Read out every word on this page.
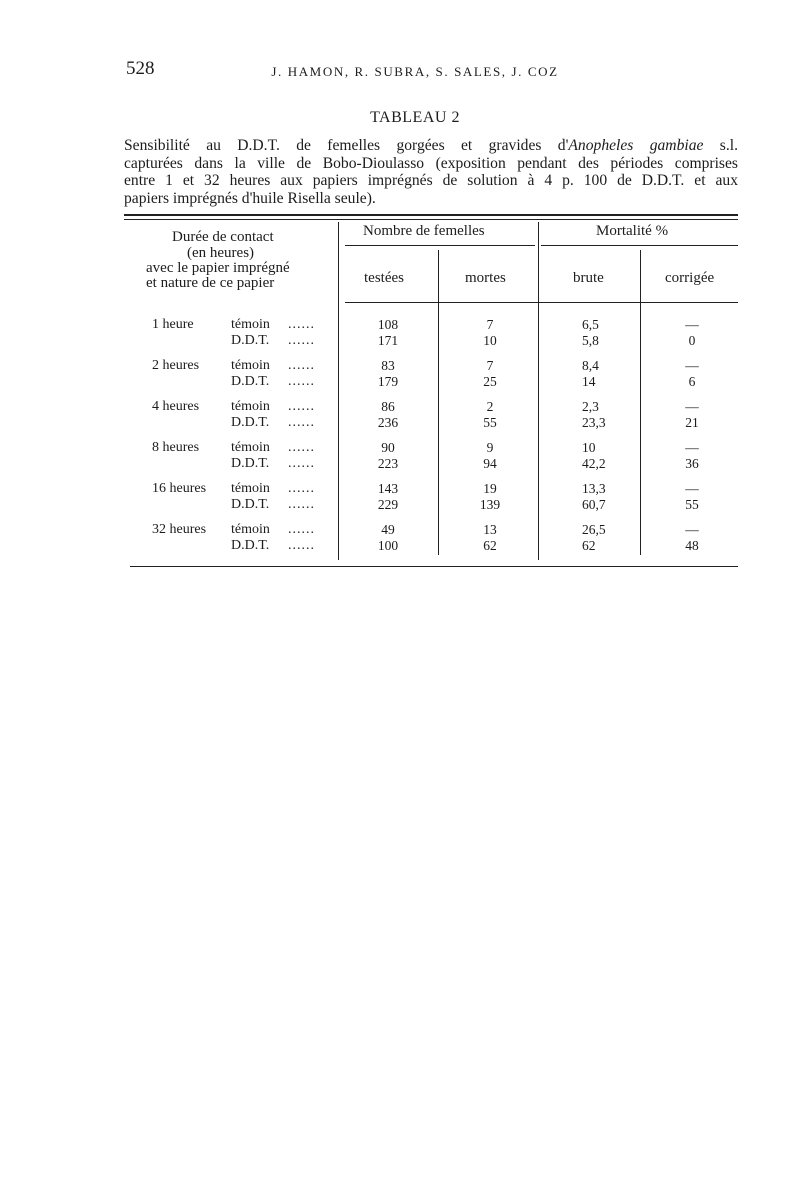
528	J. HAMON, R. SUBRA, S. SALES, J. COZ
TABLEAU 2
Sensibilité au D.D.T. de femelles gorgées et gravides d'Anopheles gambiae s.l.
capturées dans la ville de Bobo-Dioulasso (exposition pendant des périodes comprises
entre 1 et 32 heures aux papiers imprégnés de solution à 4 p. 100 de D.D.T. et aux
papiers imprégnés d'huile Risella seule).
Durée de contact
(en heures)
avec le papier imprégné
et nature de ce papier
Nombre de femelles	Mortalité %
testées	mortes	brute	corrigée
1 heure	témoin ......	108	7	6,5	—
D.D.T. ......	171	10	5,8	0
2 heures témoin ......	83	7	8,4	—
D.D.T. ......	179	25	14	6
4 heures témoin ......	86	2	2,3	—
D.D.T. ......	236	55	23,3	21
8 heures témoin ......	90	9	10	—
D.D.T. ......	223	94	42,2	36
16 heures témoin ......	143	19	13,3	—
D.D.T. ......	229	139	60,7	55
32 heures témoin ......	49	13	26,5	—
D.D.T. ......	100	62	62	48
